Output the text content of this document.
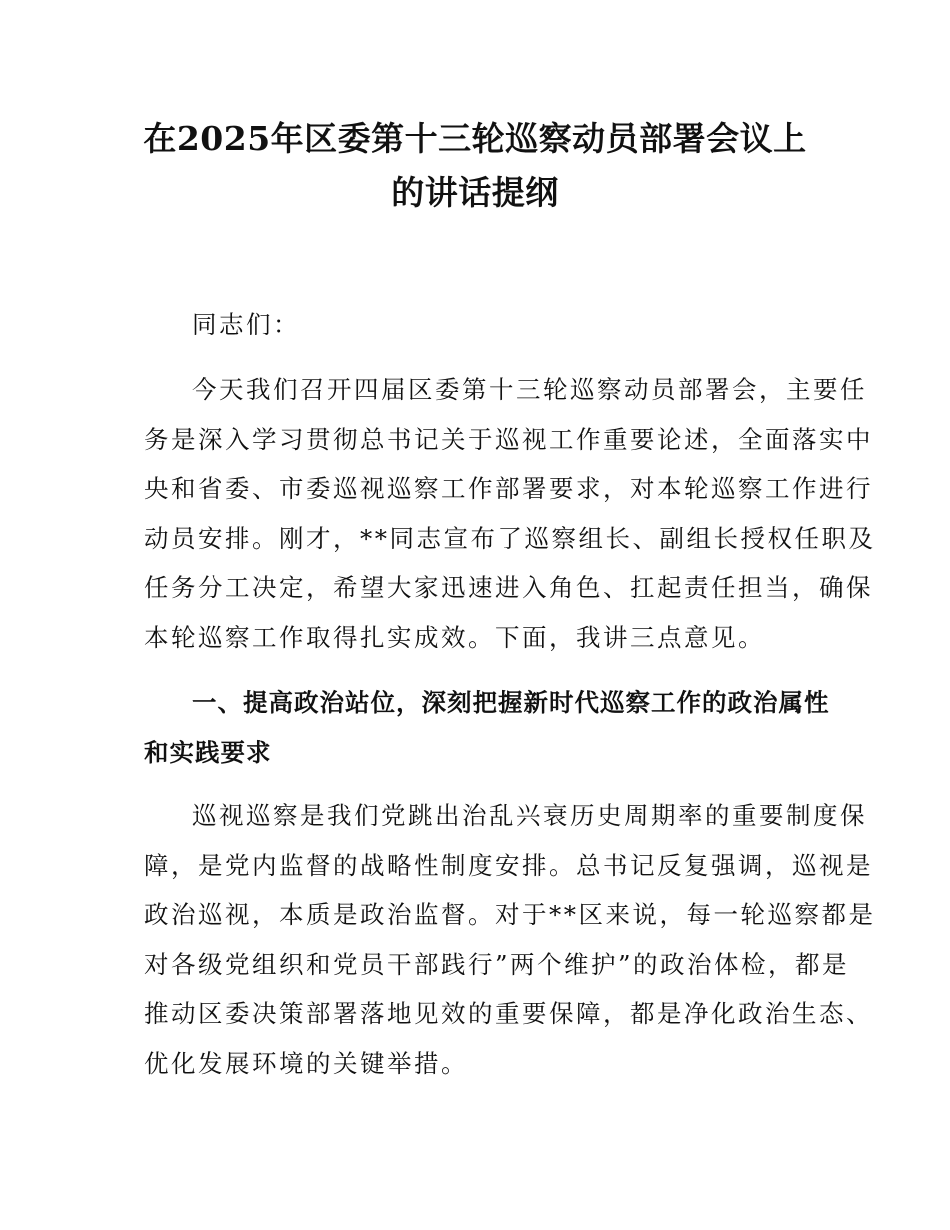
在2025年区委第十三轮巡察动员部署会议上
的讲话提纲
同志们：
今天我们召开四届区委第十三轮巡察动员部署会，主要任
务是深入学习贯彻总书记关于巡视工作重要论述，全面落实中
央和省委、市委巡视巡察工作部署要求，对本轮巡察工作进行
动员安排。刚才，**同志宣布了巡察组长、副组长授权任职及
任务分工决定，希望大家迅速进入角色、扛起责任担当，确保
本轮巡察工作取得扎实成效。下面，我讲三点意见。
一、提高政治站位，深刻把握新时代巡察工作的政治属性
和实践要求
巡视巡察是我们党跳出治乱兴衰历史周期率的重要制度保
障，是党内监督的战略性制度安排。总书记反复强调，巡视是
政治巡视，本质是政治监督。对于**区来说，每一轮巡察都是
对各级党组织和党员干部践行”两个维护”的政治体检，都是
推动区委决策部署落地见效的重要保障，都是净化政治生态、
优化发展环境的关键举措。
